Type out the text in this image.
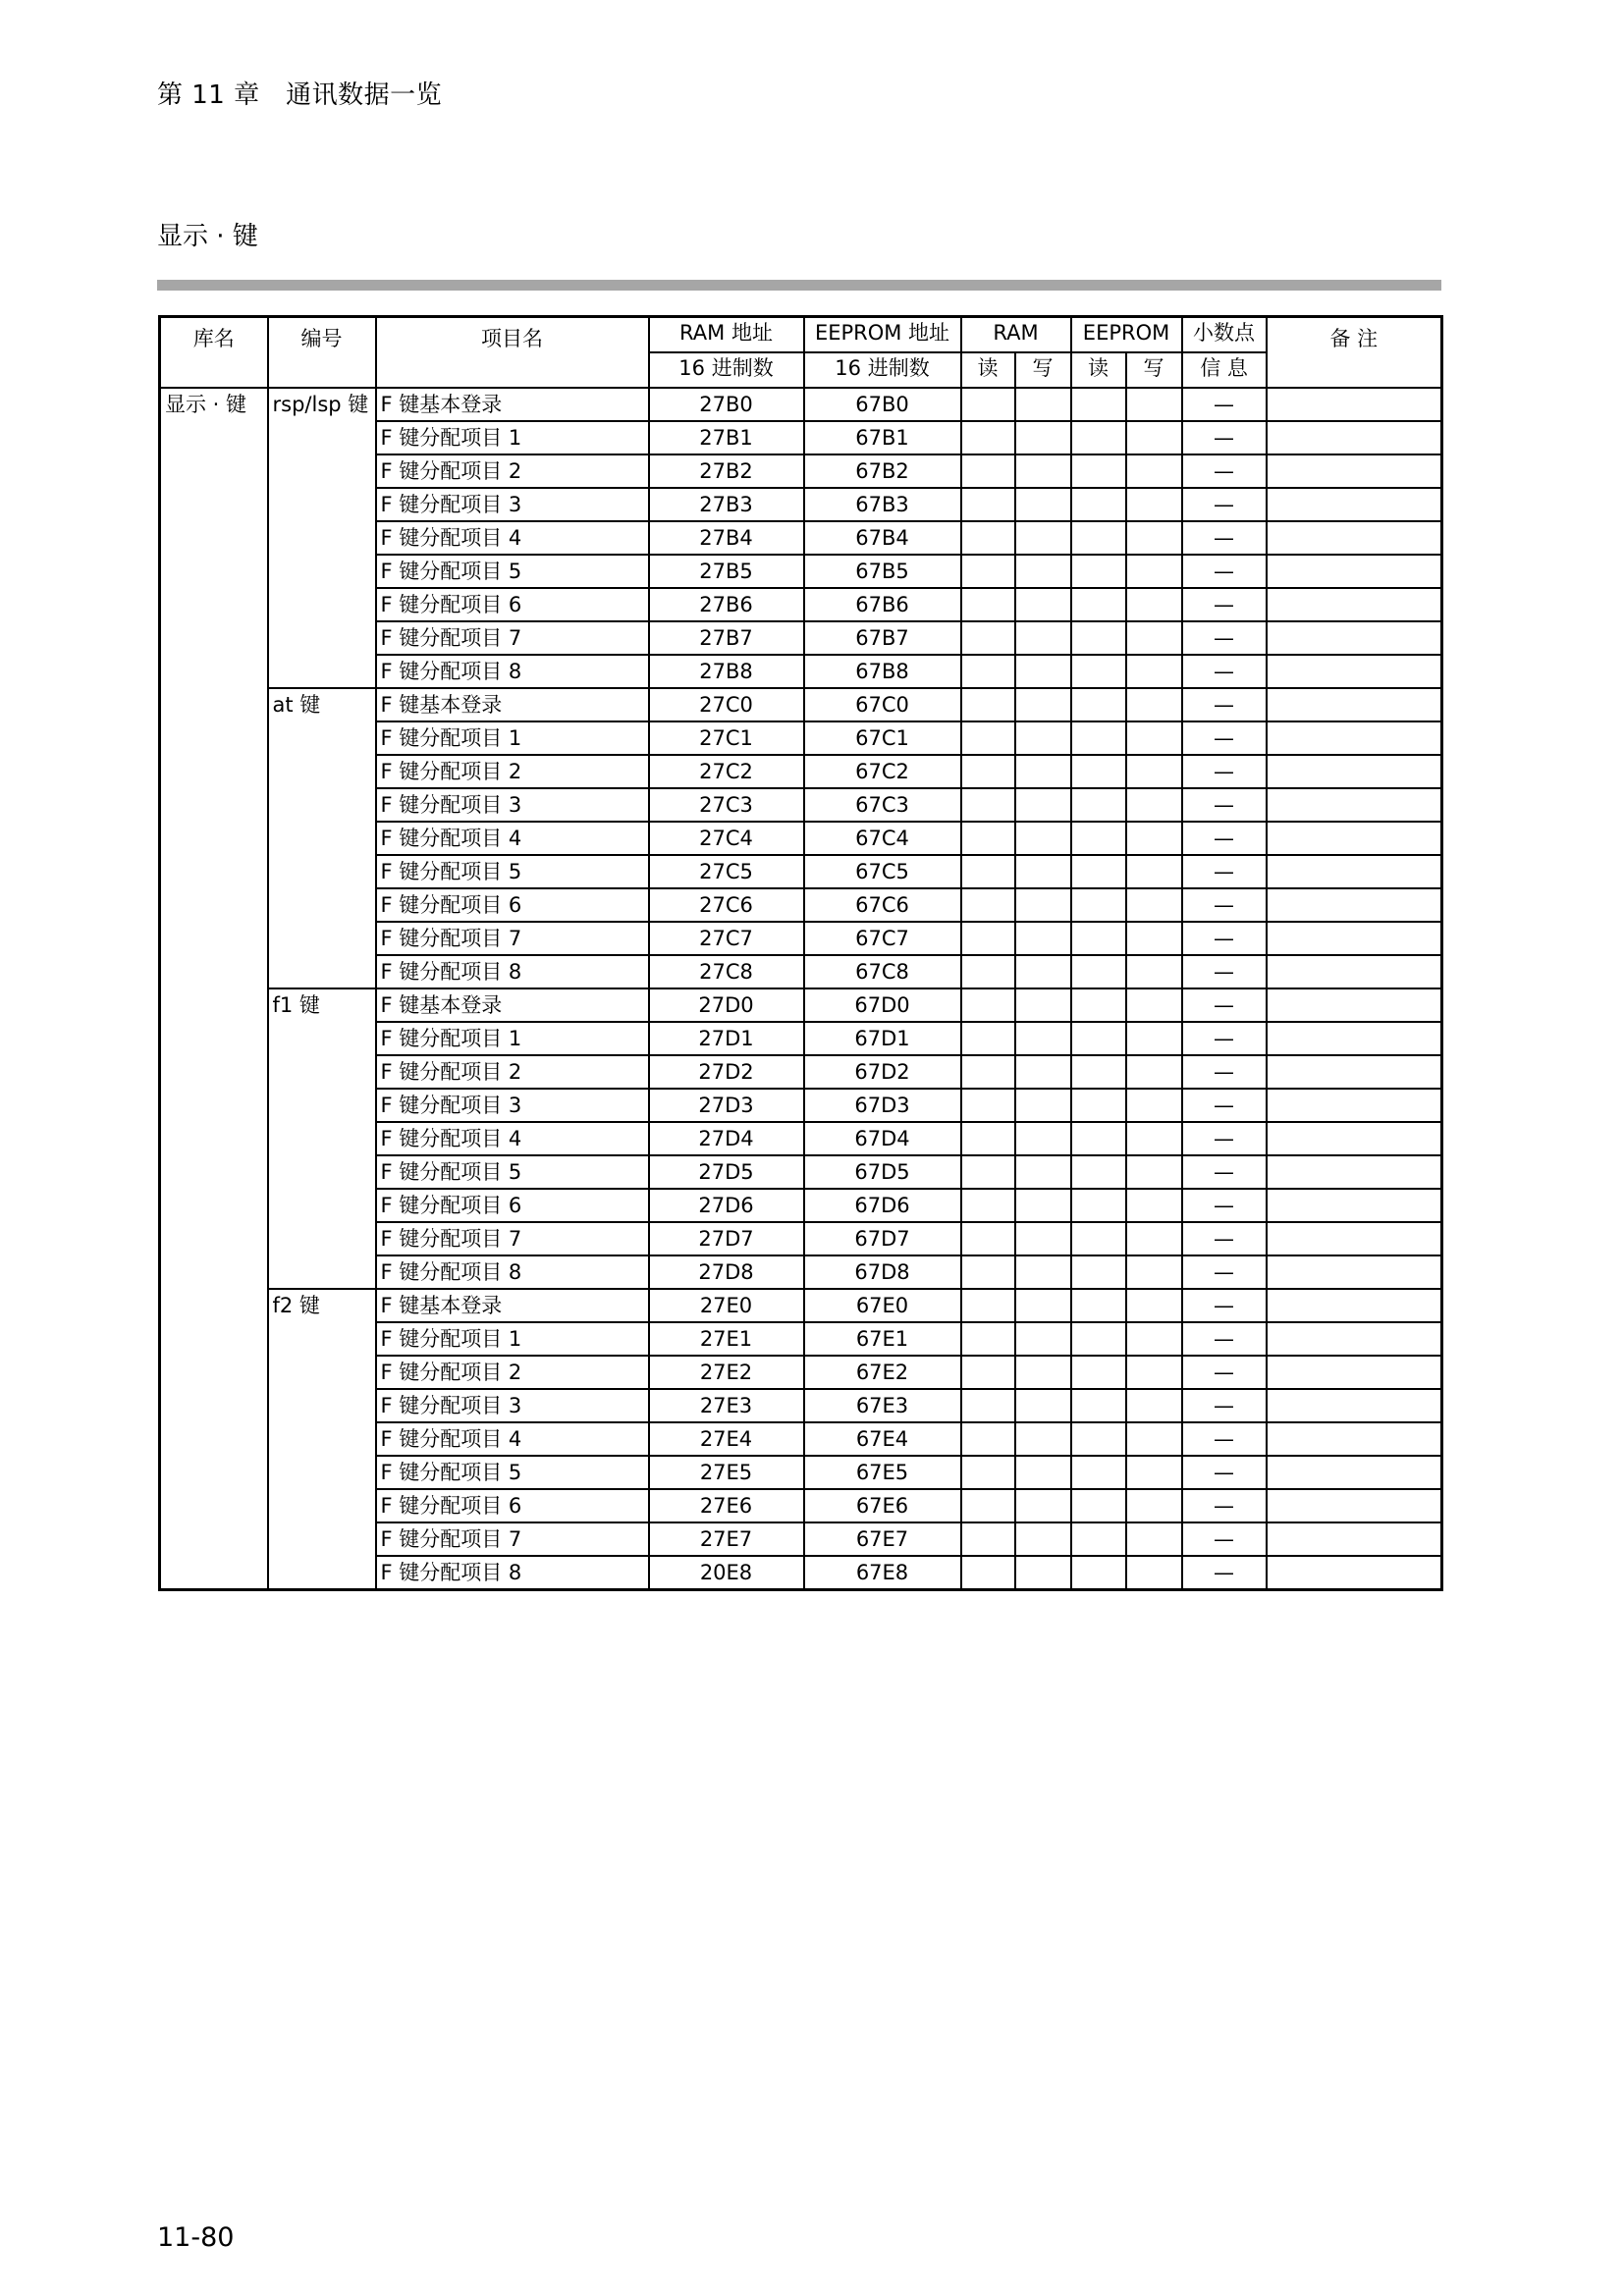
第 11 章　通讯数据一览
显示 · 键
库名	编号	项目名	RAM 地址	EEPROM 地址	RAM		EEPROM		小数点	备 注
			16 进制数	16 进制数	读	写	读	写	信 息	
显示 · 键	rsp/lsp 键	F 键基本登录	27B0	67B0					—	
		F 键分配项目 1	27B1	67B1					—	
		F 键分配项目 2	27B2	67B2					—	
		F 键分配项目 3	27B3	67B3					—	
		F 键分配项目 4	27B4	67B4					—	
		F 键分配项目 5	27B5	67B5					—	
		F 键分配项目 6	27B6	67B6					—	
		F 键分配项目 7	27B7	67B7					—	
		F 键分配项目 8	27B8	67B8					—	
	at 键	F 键基本登录	27C0	67C0					—	
		F 键分配项目 1	27C1	67C1					—	
		F 键分配项目 2	27C2	67C2					—	
		F 键分配项目 3	27C3	67C3					—	
		F 键分配项目 4	27C4	67C4					—	
		F 键分配项目 5	27C5	67C5					—	
		F 键分配项目 6	27C6	67C6					—	
		F 键分配项目 7	27C7	67C7					—	
		F 键分配项目 8	27C8	67C8					—	
	f1 键	F 键基本登录	27D0	67D0					—	
		F 键分配项目 1	27D1	67D1					—	
		F 键分配项目 2	27D2	67D2					—	
		F 键分配项目 3	27D3	67D3					—	
		F 键分配项目 4	27D4	67D4					—	
		F 键分配项目 5	27D5	67D5					—	
		F 键分配项目 6	27D6	67D6					—	
		F 键分配项目 7	27D7	67D7					—	
		F 键分配项目 8	27D8	67D8					—	
	f2 键	F 键基本登录	27E0	67E0					—	
		F 键分配项目 1	27E1	67E1					—	
		F 键分配项目 2	27E2	67E2					—	
		F 键分配项目 3	27E3	67E3					—	
		F 键分配项目 4	27E4	67E4					—	
		F 键分配项目 5	27E5	67E5					—	
		F 键分配项目 6	27E6	67E6					—	
		F 键分配项目 7	27E7	67E7					—	
		F 键分配项目 8	20E8	67E8					—	
11-80
